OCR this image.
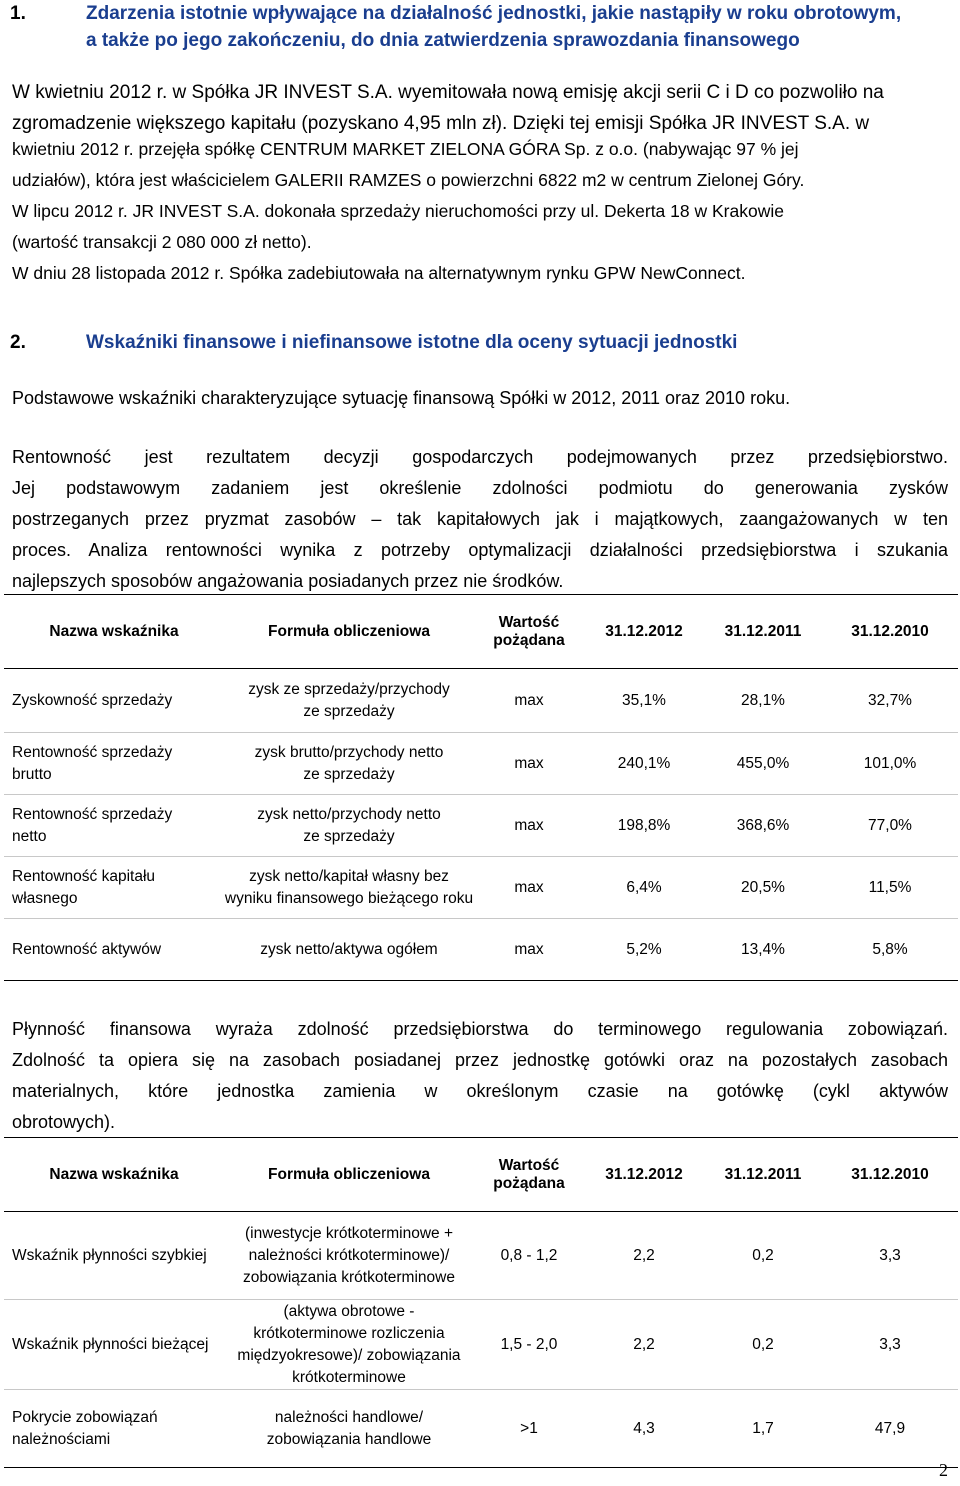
1.	Zdarzenia istotnie wpływające na działalność jednostki, jakie nastąpiły w roku obrotowym,
a także po jego zakończeniu, do dnia zatwierdzenia sprawozdania finansowego
W kwietniu 2012 r. w Spółka JR INVEST S.A. wyemitowała nową emisję akcji serii C i D co pozwoliło na
zgromadzenie większego kapitału (pozyskano 4,95 mln zł). Dzięki tej emisji Spółka JR INVEST S.A. w
kwietniu 2012 r. przejęła spółkę CENTRUM MARKET ZIELONA GÓRA Sp. z o.o. (nabywając 97 % jej
udziałów), która jest właścicielem GALERII RAMZES o powierzchni 6822 m2 w centrum Zielonej Góry.
W lipcu 2012 r. JR INVEST S.A. dokonała sprzedaży nieruchomości przy ul. Dekerta 18 w Krakowie
(wartość transakcji 2 080 000 zł netto).
W dniu 28 listopada 2012 r. Spółka zadebiutowała na alternatywnym rynku GPW NewConnect.
2.	Wskaźniki finansowe i niefinansowe istotne dla oceny sytuacji jednostki
Podstawowe wskaźniki charakteryzujące sytuację finansową Spółki w 2012, 2011 oraz 2010 roku.
Rentowność jest rezultatem decyzji gospodarczych podejmowanych przez przedsiębiorstwo.
Jej podstawowym zadaniem jest określenie zdolności podmiotu do generowania zysków
postrzeganych przez pryzmat zasobów – tak kapitałowych jak i majątkowych, zaangażowanych w ten
proces. Analiza rentowności wynika z potrzeby optymalizacji działalności przedsiębiorstwa i szukania
najlepszych sposobów angażowania posiadanych przez nie środków.
Nazwa wskaźnika	Formuła obliczeniowa	Wartość
pożądana	31.12.2012	31.12.2011	31.12.2010
Zyskowność sprzedaży	zysk ze sprzedaży/przychody
ze sprzedaży	max	35,1%	28,1%	32,7%

Rentowność sprzedaży
brutto	zysk brutto/przychody netto
ze sprzedaży	max	240,1%	455,0%	101,0%

Rentowność sprzedaży
netto	zysk netto/przychody netto
ze sprzedaży	max	198,8%	368,6%	77,0%

Rentowność kapitału
własnego	zysk netto/kapitał własny bez
wyniku finansowego bieżącego roku	max	6,4%	20,5%	11,5%
Rentowność aktywów	zysk netto/aktywa ogółem	max	5,2%	13,4%	5,8%
Płynność finansowa wyraża zdolność przedsiębiorstwa do terminowego regulowania zobowiązań.
Zdolność ta opiera się na zasobach posiadanej przez jednostkę gotówki oraz na pozostałych zasobach
materialnych, które jednostka zamienia w określonym czasie na gotówkę (cykl aktywów
obrotowych).
Nazwa wskaźnika	Formuła obliczeniowa	Wartość
pożądana	31.12.2012	31.12.2011	31.12.2010
Wskaźnik płynności szybkiej	(inwestycje krótkoterminowe +
należności krótkoterminowe)/
zobowiązania krótkoterminowe	0,8 - 1,2	2,2	0,2	3,3
Wskaźnik płynności bieżącej	(aktywa obrotowe -
krótkoterminowe rozliczenia
międzyokresowe)/ zobowiązania
krótkoterminowe	1,5 - 2,0	2,2	0,2	3,3

Pokrycie zobowiązań
należnościami	należności handlowe/
zobowiązania handlowe	>1	4,3	1,7	47,9
2
